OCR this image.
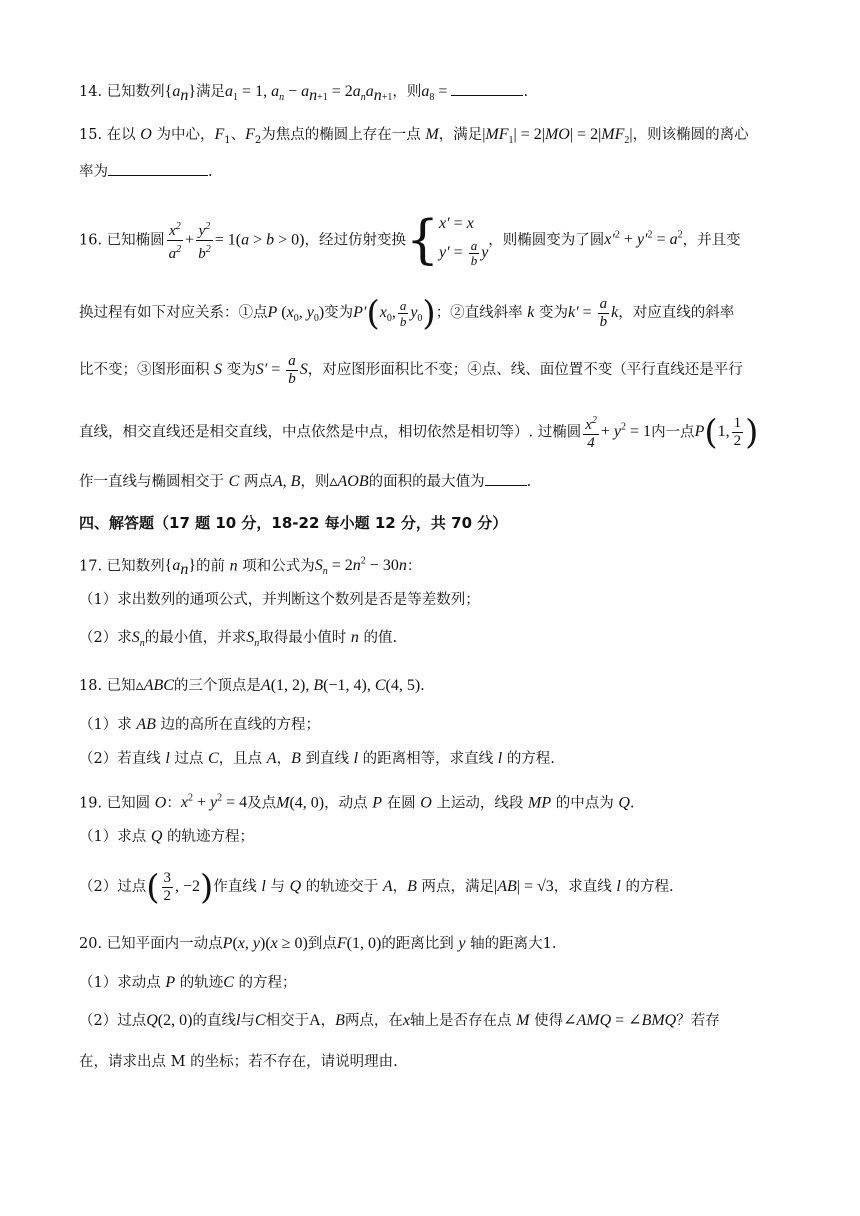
14. 已知数列$\{a_n\}$满足$a_1 = 1$, $a_n - a_{n+1} = 2a_na_{n+1}$，则$a_8$ =	.
15. 在以 O 为中心，$F_1$、$F_2$为焦点的椭圆上存在一点 M，满足$|MF_1| = 2|MO| = 2|MF_2|$，则该椭圆的离心
率为	.
16. 已知椭圆 $\frac{x^2}{a^2} + \frac{y^2}{b^2} = 1(a > b > 0)$，经过仿射变换{ x′ = x
$y' = \frac{a}{b}$ y
，则椭圆变为了圆$x'^2 + y'^2 = a^2$，并且变
换过程有如下对应关系：①点P ($x_0$, $y_0$)变为$P'(x_0$, $\frac{a}{b} y_0$)；②直线斜率 k 变为$k' = \frac{a}{b}$ k，对应直线的斜率
比不变；③图形面积 S 变为$S' = \frac{a}{b}$ S，对应图形面积比不变；④点、线、面位置不变（平行直线还是平行
直线，相交直线还是相交直线，中点依然是中点，相切依然是相切等）. 过椭圆 $\frac{x^2}{4} + y^2 = 1$内一点P(1, $\frac{1}{2}$ )
作一直线与椭圆相交于 C 两点A, B，则▵AOB的面积的最大值为	.
四、解答题（17 题 10 分，18-22 每小题 12 分，共 70 分）
17. 已知数列$\{a_n\}$的前 n 项和公式为$S_n = 2n^2 - 30n$：
（1）求出数列的通项公式，并判断这个数列是否是等差数列；
（2）求$S_n$的最小值，并求$S_n$取得最小值时 n 的值.
18. 已知▵ABC的三个顶点是A(1, 2), B(−1, 4), C(4, 5).
（1）求 AB 边的高所在直线的方程；
（2）若直线 l 过点 C，且点 A，B 到直线 l 的距离相等，求直线 l 的方程.
19. 已知圆 O：$x^2 + y^2 = 4$及点M(4, 0)，动点 P 在圆 O 上运动，线段 MP 的中点为 Q.
（1）求点 Q 的轨迹方程；
（2）过点( $\frac{3}{2}$ , −2)作直线 l 与 Q 的轨迹交于 A，B 两点，满足|AB| = √3，求直线 l 的方程.
20. 已知平面内一动点P(x, y)(x ≥ 0)到点F(1, 0)的距离比到 y 轴的距离大1.
（1）求动点 P 的轨迹C 的方程；
（2）过点Q(2, 0)的直线l与C相交于A，B两点，在x轴上是否存在点 M 使得∠AMQ = ∠BMQ？若存
在，请求出点 M 的坐标；若不存在，请说明理由.
